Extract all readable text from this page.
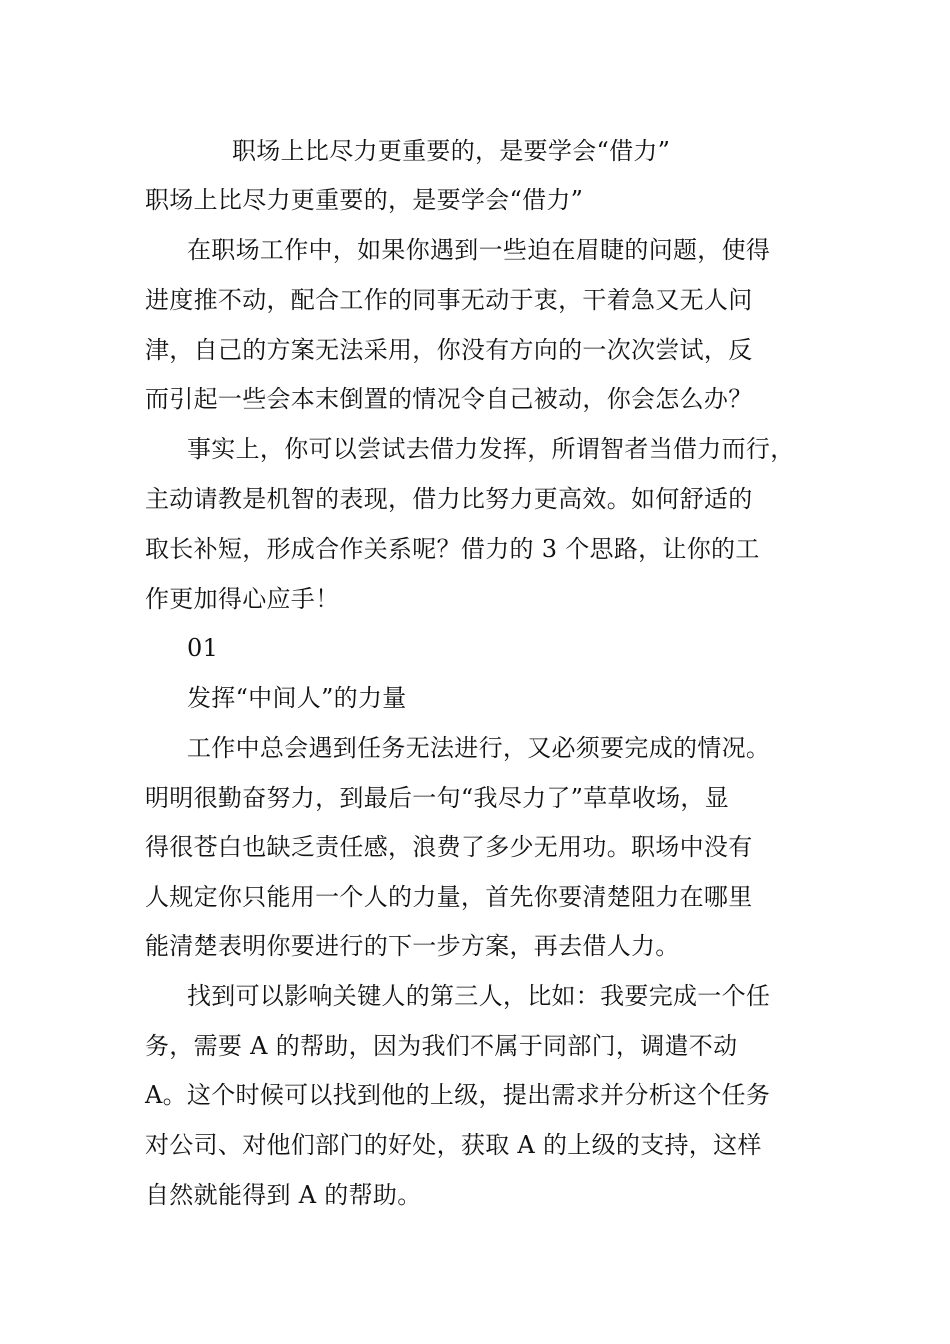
职场上比尽力更重要的，是要学会“借力”
职场上比尽力更重要的，是要学会“借力”
在职场工作中，如果你遇到一些迫在眉睫的问题，使得
进度推不动，配合工作的同事无动于衷，干着急又无人问
津，自己的方案无法采用，你没有方向的一次次尝试，反
而引起一些会本末倒置的情况令自己被动，你会怎么办？
事实上，你可以尝试去借力发挥，所谓智者当借力而行，
主动请教是机智的表现，借力比努力更高效。如何舒适的
取长补短，形成合作关系呢？借力的 3 个思路，让你的工
作更加得心应手！
01
发挥“中间人”的力量
工作中总会遇到任务无法进行，又必须要完成的情况。
明明很勤奋努力，到最后一句“我尽力了”草草收场，显
得很苍白也缺乏责任感，浪费了多少无用功。职场中没有
人规定你只能用一个人的力量，首先你要清楚阻力在哪里
能清楚表明你要进行的下一步方案，再去借人力。
找到可以影响关键人的第三人，比如：我要完成一个任
务，需要 A 的帮助，因为我们不属于同部门，调遣不动
A。这个时候可以找到他的上级，提出需求并分析这个任务
对公司、对他们部门的好处，获取 A 的上级的支持，这样
自然就能得到 A 的帮助。
